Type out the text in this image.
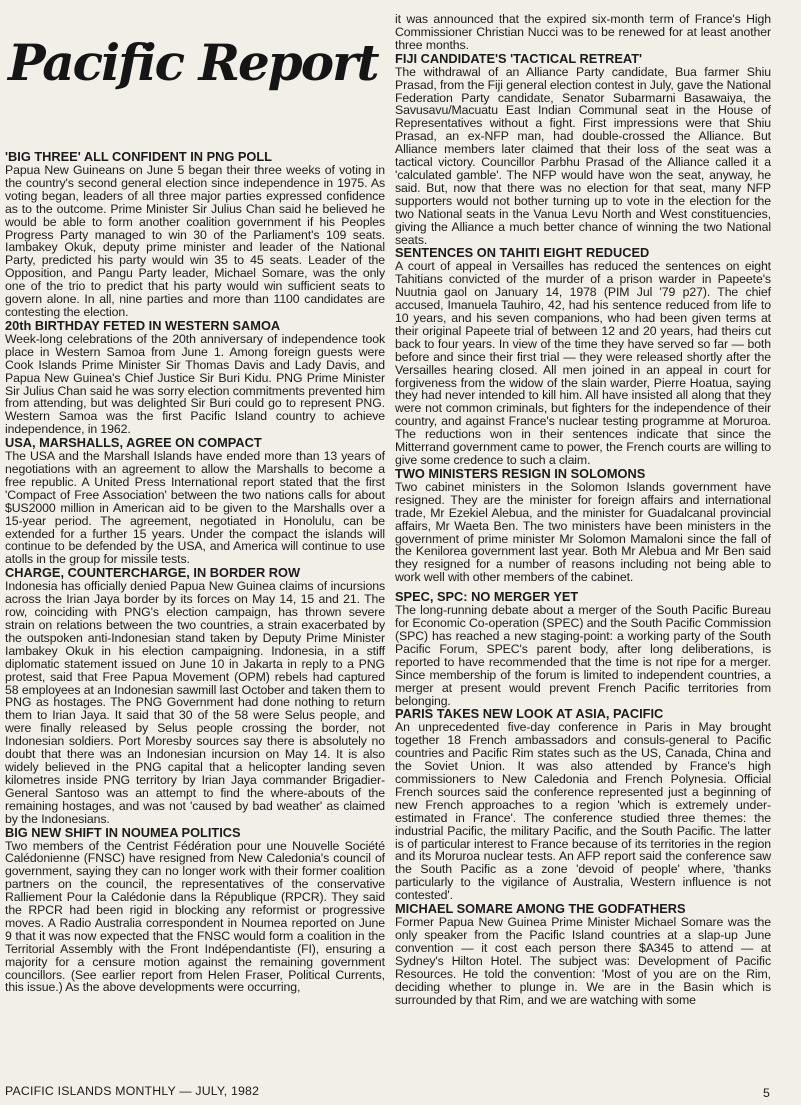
Pacific Report
'BIG THREE' ALL CONFIDENT IN PNG POLL

Papua New Guineans on June 5 began their three weeks of voting in the country's second general election since independence in 1975. As voting began, leaders of all three major parties expressed confidence as to the outcome. Prime Minister Sir Julius Chan said he believed he would be able to form another coalition government if his Peoples Progress Party managed to win 30 of the Parliament's 109 seats. Iambakey Okuk, deputy prime minister and leader of the National Party, predicted his party would win 35 to 45 seats. Leader of the Opposition, and Pangu Party leader, Michael Somare, was the only one of the trio to predict that his party would win sufficient seats to govern alone. In all, nine parties and more than 1100 candidates are contesting the election.

20th BIRTHDAY FETED IN WESTERN SAMOA

Week-long celebrations of the 20th anniversary of independence took place in Western Samoa from June 1. Among foreign guests were Cook Islands Prime Minister Sir Thomas Davis and Lady Davis, and Papua New Guinea's Chief Justice Sir Buri Kidu. PNG Prime Minister Sir Julius Chan said he was sorry election commitments prevented him from attending, but was delighted Sir Buri could go to represent PNG. Western Samoa was the first Pacific Island country to achieve independence, in 1962.

USA, MARSHALLS, AGREE ON COMPACT

The USA and the Marshall Islands have ended more than 13 years of negotiations with an agreement to allow the Marshalls to become a free republic. A United Press International report stated that the first 'Compact of Free Association' between the two nations calls for about $US2000 million in American aid to be given to the Marshalls over a 15-year period. The agreement, negotiated in Honolulu, can be extended for a further 15 years. Under the compact the islands will continue to be defended by the USA, and America will continue to use atolls in the group for missile tests.

CHARGE, COUNTERCHARGE, IN BORDER ROW

Indonesia has officially denied Papua New Guinea claims of incursions across the Irian Jaya border by its forces on May 14, 15 and 21. The row, coinciding with PNG's election campaign, has thrown severe strain on relations between the two countries, a strain exacerbated by the outspoken anti-Indonesian stand taken by Deputy Prime Minister Iambakey Okuk in his election campaigning. Indonesia, in a stiff diplomatic statement issued on June 10 in Jakarta in reply to a PNG protest, said that Free Papua Movement (OPM) rebels had captured 58 employees at an Indonesian sawmill last October and taken them to PNG as hostages. The PNG Government had done nothing to return them to Irian Jaya. It said that 30 of the 58 were Selus people, and were finally released by Selus people crossing the border, not Indonesian soldiers. Port Moresby sources say there is absolutely no doubt that there was an Indonesian incursion on May 14. It is also widely believed in the PNG capital that a helicopter landing seven kilometres inside PNG territory by Irian Jaya commander Brigadier-General Santoso was an attempt to find the where-abouts of the remaining hostages, and was not 'caused by bad weather' as claimed by the Indonesians.

BIG NEW SHIFT IN NOUMEA POLITICS

Two members of the Centrist Fédération pour une Nouvelle Société Calédonienne (FNSC) have resigned from New Caledonia's council of government, saying they can no longer work with their former coalition partners on the council, the representatives of the conservative Ralliement Pour la Calédonie dans la République (RPCR). They said the RPCR had been rigid in blocking any reformist or progressive moves. A Radio Australia correspondent in Noumea reported on June 9 that it was now expected that the FNSC would form a coalition in the Territorial Assembly with the Front Indépendantiste (FI), ensuring a majority for a censure motion against the remaining government councillors. (See earlier report from Helen Fraser, Political Currents, this issue.) As the above developments were occurring,

it was announced that the expired six-month term of France's High Commissioner Christian Nucci was to be renewed for at least another three months.

FIJI CANDIDATE'S 'TACTICAL RETREAT'

The withdrawal of an Alliance Party candidate, Bua farmer Shiu Prasad, from the Fiji general election contest in July, gave the National Federation Party candidate, Senator Subarmarni Basawaiya, the Savusavu/Macuatu East Indian Communal seat in the House of Representatives without a fight. First impressions were that Shiu Prasad, an ex-NFP man, had double-crossed the Alliance. But Alliance members later claimed that their loss of the seat was a tactical victory. Councillor Parbhu Prasad of the Alliance called it a 'calculated gamble'. The NFP would have won the seat, anyway, he said. But, now that there was no election for that seat, many NFP supporters would not bother turning up to vote in the election for the two National seats in the Vanua Levu North and West constituencies, giving the Alliance a much better chance of winning the two National seats.

SENTENCES ON TAHITI EIGHT REDUCED

A court of appeal in Versailles has reduced the sentences on eight Tahitians convicted of the murder of a prison warder in Papeete's Nuutnia gaol on January 14, 1978 (PIM Jul '79 p27). The chief accused, Imanuela Tauhiro, 42, had his sentence reduced from life to 10 years, and his seven companions, who had been given terms at their original Papeete trial of between 12 and 20 years, had theirs cut back to four years. In view of the time they have served so far — both before and since their first trial — they were released shortly after the Versailles hearing closed. All men joined in an appeal in court for forgiveness from the widow of the slain warder, Pierre Hoatua, saying they had never intended to kill him. All have insisted all along that they were not common criminals, but fighters for the independence of their country, and against France's nuclear testing programme at Moruroa. The reductions won in their sentences indicate that since the Mitterrand government came to power, the French courts are willing to give some credence to such a claim.

TWO MINISTERS RESIGN IN SOLOMONS

Two cabinet ministers in the Solomon Islands government have resigned. They are the minister for foreign affairs and international trade, Mr Ezekiel Alebua, and the minister for Guadalcanal provincial affairs, Mr Waeta Ben. The two ministers have been ministers in the government of prime minister Mr Solomon Mamaloni since the fall of the Kenilorea government last year. Both Mr Alebua and Mr Ben said they resigned for a number of reasons including not being able to work well with other members of the cabinet.

SPEC, SPC: NO MERGER YET

The long-running debate about a merger of the South Pacific Bureau for Economic Co-operation (SPEC) and the South Pacific Commission (SPC) has reached a new staging-point: a working party of the South Pacific Forum, SPEC's parent body, after long deliberations, is reported to have recommended that the time is not ripe for a merger. Since membership of the forum is limited to independent countries, a merger at present would prevent French Pacific territories from belonging.

PARIS TAKES NEW LOOK AT ASIA, PACIFIC

An unprecedented five-day conference in Paris in May brought together 18 French ambassadors and consuls-general to Pacific countries and Pacific Rim states such as the US, Canada, China and the Soviet Union. It was also attended by France's high commissioners to New Caledonia and French Polynesia. Official French sources said the conference represented just a beginning of new French approaches to a region 'which is extremely under-estimated in France'. The conference studied three themes: the industrial Pacific, the military Pacific, and the South Pacific. The latter is of particular interest to France because of its territories in the region and its Moruroa nuclear tests. An AFP report said the conference saw the South Pacific as a zone 'devoid of people' where, 'thanks particularly to the vigilance of Australia, Western influence is not contested'.

MICHAEL SOMARE AMONG THE GODFATHERS

Former Papua New Guinea Prime Minister Michael Somare was the only speaker from the Pacific Island countries at a slap-up June convention — it cost each person there $A345 to attend — at Sydney's Hilton Hotel. The subject was: Development of Pacific Resources. He told the convention: 'Most of you are on the Rim, deciding whether to plunge in. We are in the Basin which is surrounded by that Rim, and we are watching with some

PACIFIC ISLANDS MONTHLY — JULY, 1982	5
